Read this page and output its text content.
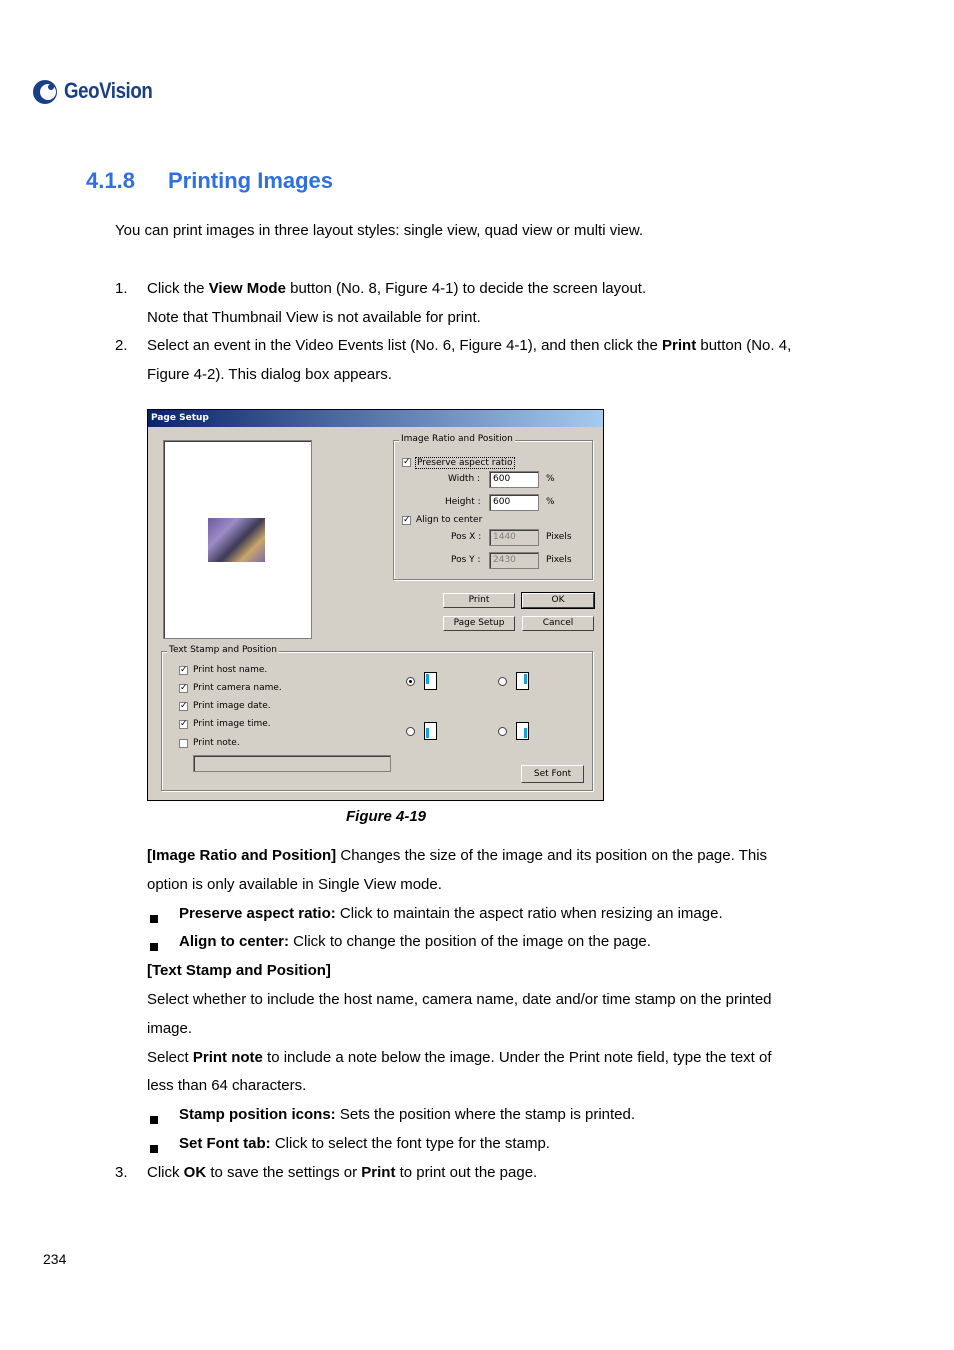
GeoVision
4.1.8 Printing Images
You can print images in three layout styles: single view, quad view or multi view.
1. Click the View Mode button (No. 8, Figure 4-1) to decide the screen layout.
Note that Thumbnail View is not available for print.
2. Select an event in the Video Events list (No. 6, Figure 4-1), and then click the Print button (No. 4,
Figure 4-2). This dialog box appears.
Page Setup
Image Ratio and Position
✓ Preserve aspect ratio
Width :	600	%
Height :	600	%
✓ Align to center
Pos X :	1440	Pixels
Pos Y :	2430	Pixels
Print	OK
Page Setup	Cancel
Text Stamp and Position
✓ Print host name.
✓ Print camera name.
✓ Print image date.
✓ Print image time.
Print note.
Set Font
Figure 4-19
[Image Ratio and Position] Changes the size of the image and its position on the page. This
option is only available in Single View mode.
Preserve aspect ratio: Click to maintain the aspect ratio when resizing an image.
Align to center: Click to change the position of the image on the page.
[Text Stamp and Position]
Select whether to include the host name, camera name, date and/or time stamp on the printed
image.
Select Print note to include a note below the image. Under the Print note field, type the text of
less than 64 characters.
Stamp position icons: Sets the position where the stamp is printed.
Set Font tab: Click to select the font type for the stamp.
3. Click OK to save the settings or Print to print out the page.
234
